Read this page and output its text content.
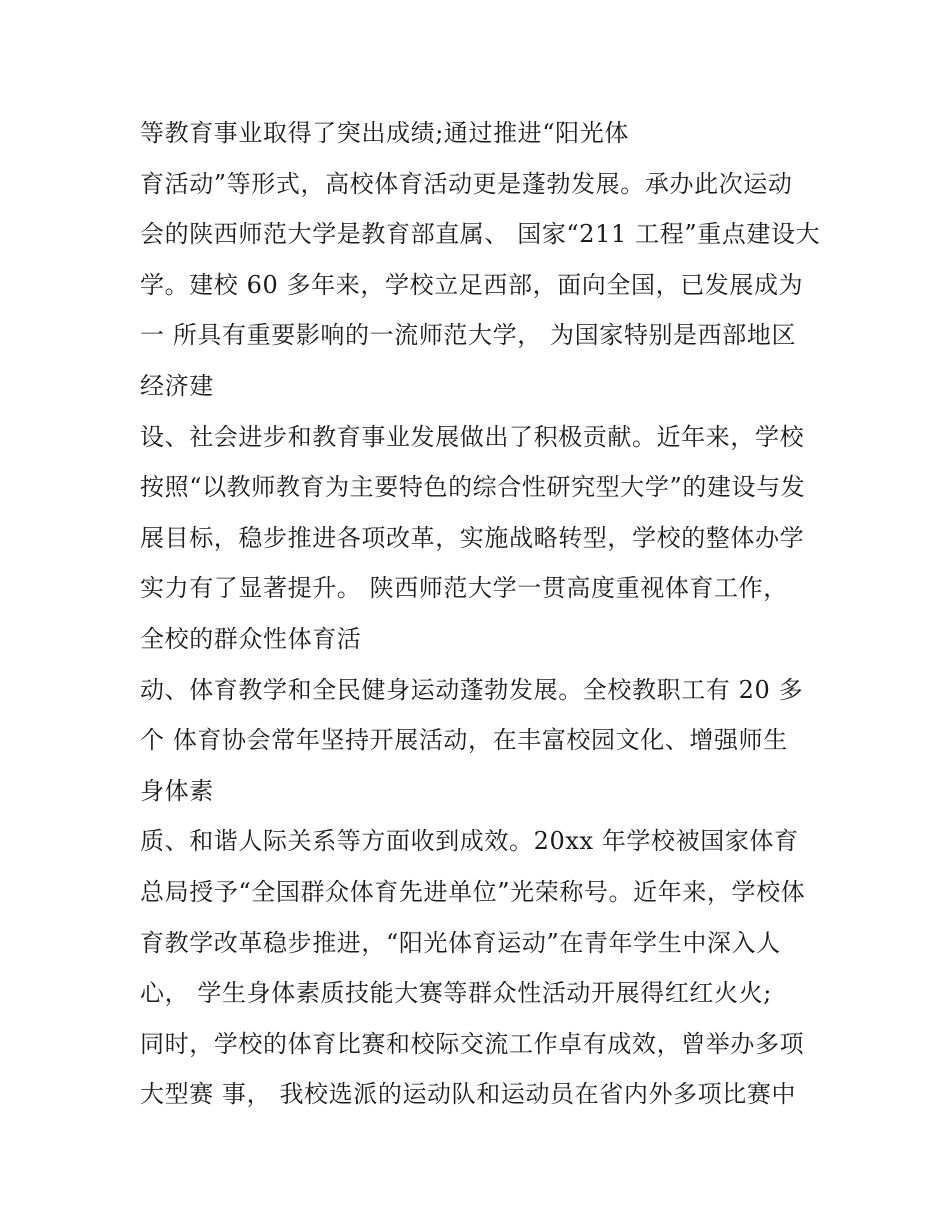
等教育事业取得了突出成绩;通过推进“阳光体
育活动”等形式，高校体育活动更是蓬勃发展。承办此次运动
会的陕西师范大学是教育部直属、 国家“211 工程”重点建设大
学。建校 60 多年来，学校立足西部，面向全国，已发展成为
一 所具有重要影响的一流师范大学， 为国家特别是西部地区
经济建
设、社会进步和教育事业发展做出了积极贡献。近年来，学校
按照“以教师教育为主要特色的综合性研究型大学”的建设与发
展目标，稳步推进各项改革，实施战略转型，学校的整体办学
实力有了显著提升。 陕西师范大学一贯高度重视体育工作，
全校的群众性体育活
动、体育教学和全民健身运动蓬勃发展。全校教职工有 20 多
个 体育协会常年坚持开展活动，在丰富校园文化、增强师生
身体素
质、和谐人际关系等方面收到成效。20xx 年学校被国家体育
总局授予“全国群众体育先进单位”光荣称号。近年来，学校体
育教学改革稳步推进，“阳光体育运动”在青年学生中深入人
心， 学生身体素质技能大赛等群众性活动开展得红红火火;
同时，学校的体育比赛和校际交流工作卓有成效，曾举办多项
大型赛 事， 我校选派的运动队和运动员在省内外多项比赛中
